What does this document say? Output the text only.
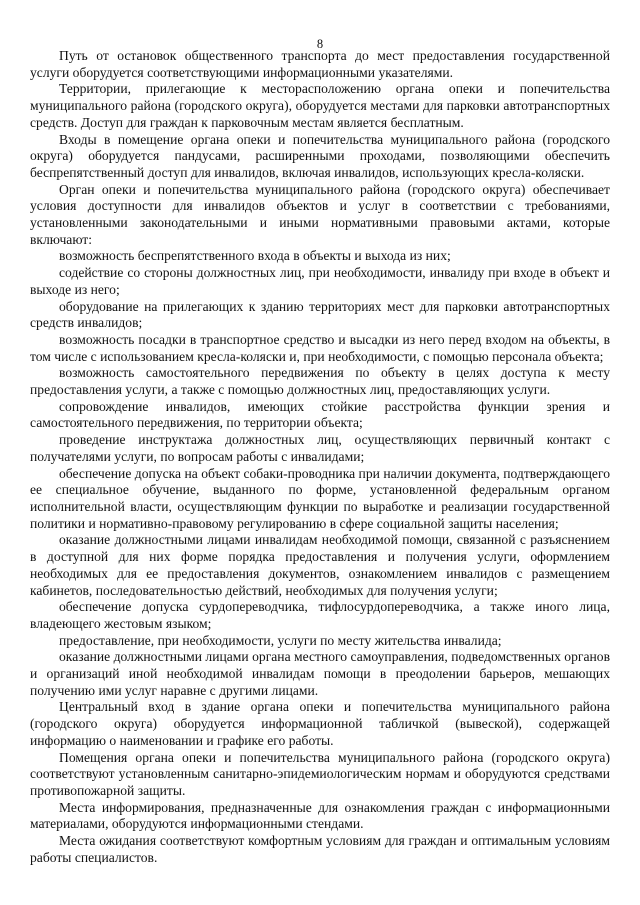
8

Путь от остановок общественного транспорта до мест предоставления государственной услуги оборудуется соответствующими информационными указателями.

Территории, прилегающие к месторасположению органа опеки и попечительства муниципального района (городского округа), оборудуется местами для парковки автотранспортных средств. Доступ для граждан к парковочным местам является бесплатным.

Входы в помещение органа опеки и попечительства муниципального района (городского округа) оборудуется пандусами, расширенными проходами, позволяющими обеспечить беспрепятственный доступ для инвалидов, включая инвалидов, использующих кресла-коляски.

Орган опеки и попечительства муниципального района (городского округа) обеспечивает условия доступности для инвалидов объектов и услуг в соответствии с требованиями, установленными законодательными и иными нормативными правовыми актами, которые включают:

возможность беспрепятственного входа в объекты и выхода из них;

содействие со стороны должностных лиц, при необходимости, инвалиду при входе в объект и выходе из него;

оборудование на прилегающих к зданию территориях мест для парковки автотранспортных средств инвалидов;

возможность посадки в транспортное средство и высадки из него перед входом на объекты, в том числе с использованием кресла-коляски и, при необходимости, с помощью персонала объекта;

возможность самостоятельного передвижения по объекту в целях доступа к месту предоставления услуги, а также с помощью должностных лиц, предоставляющих услуги.

сопровождение инвалидов, имеющих стойкие расстройства функции зрения и самостоятельного передвижения, по территории объекта;

проведение инструктажа должностных лиц, осуществляющих первичный контакт с получателями услуги, по вопросам работы с инвалидами;

обеспечение допуска на объект собаки-проводника при наличии документа, подтверждающего ее специальное обучение, выданного по форме, установленной федеральным органом исполнительной власти, осуществляющим функции по выработке и реализации государственной политики и нормативно-правовому регулированию в сфере социальной защиты населения;

оказание должностными лицами инвалидам необходимой помощи, связанной с разъяснением в доступной для них форме порядка предоставления и получения услуги, оформлением необходимых для ее предоставления документов, ознакомлением инвалидов с размещением кабинетов, последовательностью действий, необходимых для получения услуги;

обеспечение допуска сурдопереводчика, тифлосурдопереводчика, а также иного лица, владеющего жестовым языком;

предоставление, при необходимости, услуги по месту жительства инвалида;

оказание должностными лицами органа местного самоуправления, подведомственных органов и организаций иной необходимой инвалидам помощи в преодолении барьеров, мешающих получению ими услуг наравне с другими лицами.

Центральный вход в здание органа опеки и попечительства муниципального района (городского округа) оборудуется информационной табличкой (вывеской), содержащей информацию о наименовании и графике его работы.

Помещения органа опеки и попечительства муниципального района (городского округа) соответствуют установленным санитарно-эпидемиологическим нормам и оборудуются средствами противопожарной защиты.

Места информирования, предназначенные для ознакомления граждан с информационными материалами, оборудуются информационными стендами.

Места ожидания соответствуют комфортным условиям для граждан и оптимальным условиям работы специалистов.
